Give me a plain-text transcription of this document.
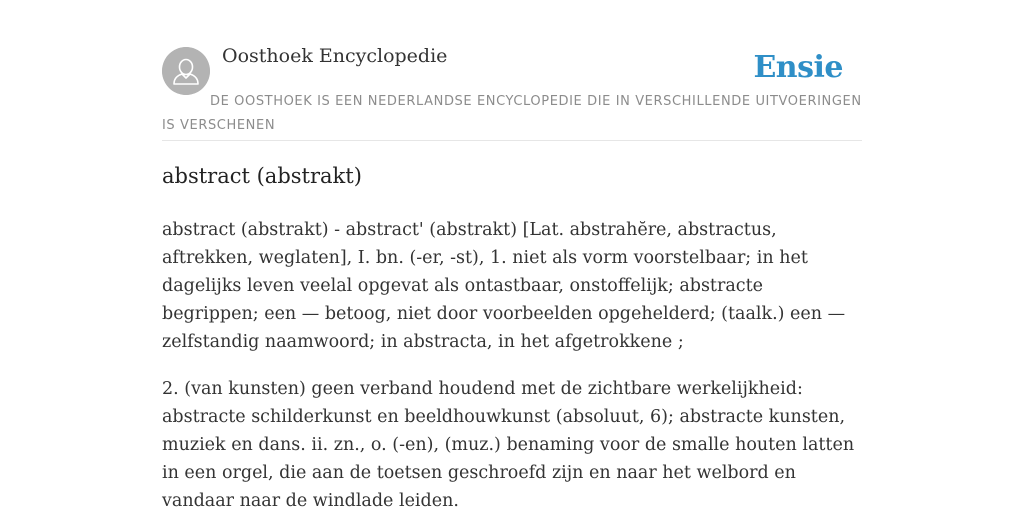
Oosthoek Encyclopedie	Ensie
DE OOSTHOEK IS EEN NEDERLANDSE ENCYCLOPEDIE DIE IN VERSCHILLENDE UITVOERINGEN IS VERSCHENEN
abstract (abstrakt)

abstract (abstrakt) - abstract' (abstrakt) [Lat. abstrahĕre, abstractus, aftrekken, weglaten], I. bn. (-er, -st), 1. niet als vorm voorstelbaar; in het dagelijks leven veelal opgevat als ontastbaar, onstoffelijk; abstracte begrippen; een — betoog, niet door voorbeelden opgehelderd; (taalk.) een — zelfstandig naamwoord; in abstracta, in het afgetrokkene ;

2. (van kunsten) geen verband houdend met de zichtbare werkelijkheid: abstracte schilderkunst en beeldhouwkunst (absoluut, 6); abstracte kunsten, muziek en dans. ii. zn., o. (-en), (muz.) benaming voor de smalle houten latten in een orgel, die aan de toetsen geschroefd zijn en naar het welbord en vandaar naar de windlade leiden.
